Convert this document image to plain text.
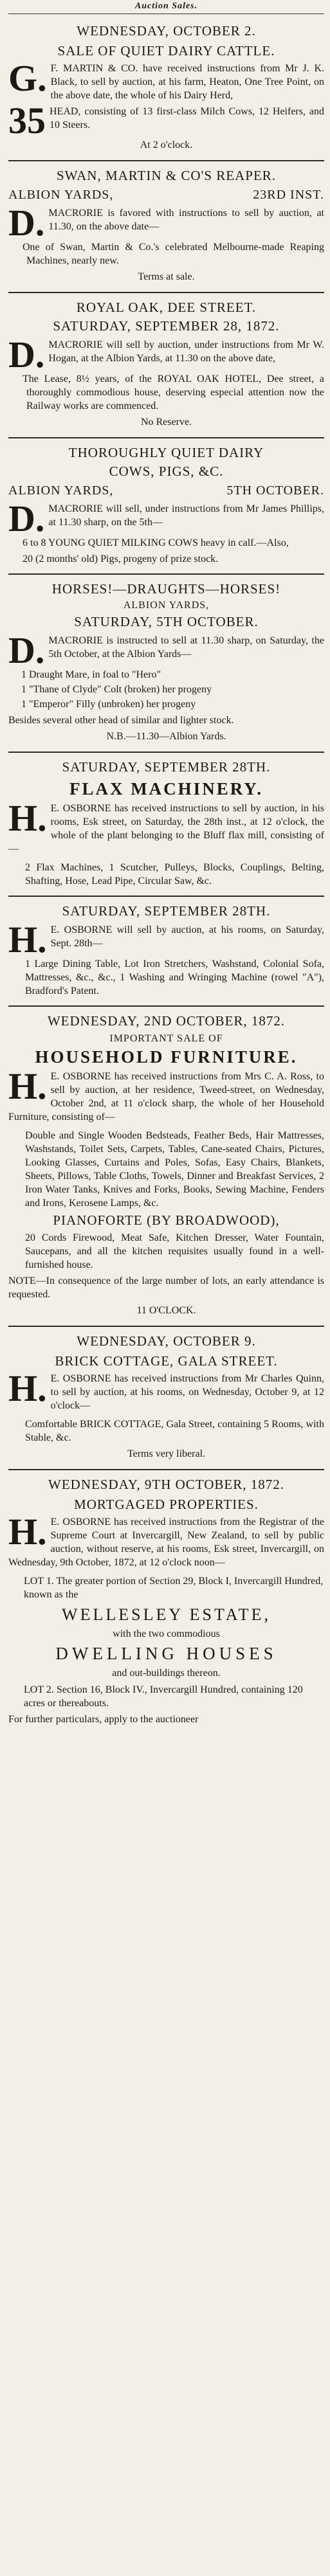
Auction Sales.
WEDNESDAY, OCTOBER 2.
SALE OF QUIET DAIRY CATTLE.
G.F. MARTIN & CO. have received instructions from Mr J. K. Black, to sell by auction, at his farm, Heaton, One Tree Point, on the above date, the whole of his Dairy Herd,
35 HEAD, consisting of 13 first-class Milch Cows, 12 Heifers, and 10 Steers.
At 2 o'clock.
SWAN, MARTIN & CO'S REAPER.
ALBION YARDS,	23RD INST.
D.MACRORIE is favored with instructions to sell by auction, at 11.30, on the above date—
One of Swan, Martin & Co.'s celebrated Melbourne-made Reaping Machines, nearly new.
Terms at sale.
ROYAL OAK, DEE STREET.
SATURDAY, SEPTEMBER 28, 1872.
D.MACRORIE will sell by auction, under instructions from Mr W. Hogan, at the Albion Yards, at 11.30 on the above date,
The Lease, 8½ years, of the ROYAL OAK HOTEL, Dee street, a thoroughly commodious house, deserving especial attention now the Railway works are commenced.
No Reserve.
THOROUGHLY QUIET DAIRY
COWS, PIGS, &C.
ALBION YARDS,	5TH OCTOBER.
D.MACRORIE will sell, under instructions from Mr James Phillips, at 11.30 sharp, on the 5th—
6 to 8 YOUNG QUIET MILKING COWS heavy in calf.—Also,
20 (2 months' old) Pigs, progeny of prize stock.
HORSES!—DRAUGHTS—HORSES!
ALBION YARDS,
SATURDAY, 5TH OCTOBER.
D.MACRORIE is instructed to sell at 11.30 sharp, on Saturday, the 5th October, at the Albion Yards—
1 Draught Mare, in foal to "Hero"
1 "Thane of Clyde" Colt (broken) her progeny
1 "Emperor" Filly (unbroken) her progeny
Besides several other head of similar and lighter stock.
N.B.—11.30—Albion Yards.
SATURDAY, SEPTEMBER 28TH.
FLAX MACHINERY.
H.E. OSBORNE has received instructions to sell by auction, in his rooms, Esk street, on Saturday, the 28th inst., at 12 o'clock, the whole of the plant belonging to the Bluff flax mill, consisting of—
2 Flax Machines, 1 Scutcher, Pulleys, Blocks, Couplings, Belting, Shafting, Hose, Lead Pipe, Circular Saw, &c.
SATURDAY, SEPTEMBER 28TH.
H.E. OSBORNE will sell by auction, at his rooms, on Saturday, Sept. 28th—
1 Large Dining Table, Lot Iron Stretchers, Washstand, Colonial Sofa, Mattresses, &c., &c., 1 Washing and Wringing Machine (rowel "A"), Bradford's Patent.
WEDNESDAY, 2ND OCTOBER, 1872.
IMPORTANT SALE OF
HOUSEHOLD FURNITURE.
H.E. OSBORNE has received instructions from Mrs C. A. Ross, to sell by auction, at her residence, Tweed-street, on Wednesday, October 2nd, at 11 o'clock sharp, the whole of her Household Furniture, consisting of—
Double and Single Wooden Bedsteads, Feather Beds, Hair Mattresses, Washstands, Toilet Sets, Carpets, Tables, Cane-seated Chairs, Pictures, Looking Glasses, Curtains and Poles, Sofas, Easy Chairs, Blankets, Sheets, Pillows, Table Cloths, Towels, Dinner and Breakfast Services, 2 Iron Water Tanks, Knives and Forks, Books, Sewing Machine, Fenders and Irons, Kerosene Lamps, &c.
PIANOFORTE (BY BROADWOOD),
20 Cords Firewood, Meat Safe, Kitchen Dresser, Water Fountain, Saucepans, and all the kitchen requisites usually found in a well-furnished house.
NOTE—In consequence of the large number of lots, an early attendance is requested.
11 O'CLOCK.
WEDNESDAY, OCTOBER 9.
BRICK COTTAGE, GALA STREET.
H.E. OSBORNE has received instructions from Mr Charles Quinn, to sell by auction, at his rooms, on Wednesday, October 9, at 12 o'clock—
Comfortable BRICK COTTAGE, Gala Street, containing 5 Rooms, with Stable, &c.
Terms very liberal.
WEDNESDAY, 9TH OCTOBER, 1872.
MORTGAGED PROPERTIES.
H.E. OSBORNE has received instructions from the Registrar of the Supreme Court at Invercargill, New Zealand, to sell by public auction, without reserve, at his rooms, Esk street, Invercargill, on Wednesday, 9th October, 1872, at 12 o'clock noon—
LOT 1. The greater portion of Section 29, Block I, Invercargill Hundred, known as the
WELLESLEY ESTATE,
with the two commodious
DWELLING HOUSES
and out-buildings thereon.
LOT 2. Section 16, Block IV., Invercargill Hundred, containing 120 acres or thereabouts.
For further particulars, apply to the auctioneer
